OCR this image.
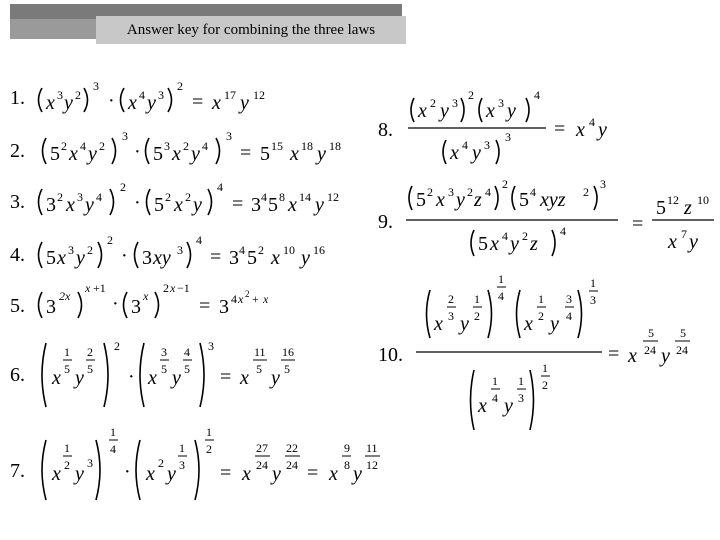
Answer key for combining the three laws
1.
2.
3.
4.
5.
6.
7.
8.
9.
10.
x 3 y 2
3
· x 4 y 3
2
= x 17 y 12
5 2 x 4 y 2
3
· 5 3 x 2 y 4
3
= 5 15 x 18 y 18
3 2 x 3 y 4
2
· 5 2 x 2 y
4
= 3 4 5 8 x 14 y 12
5 x 3 y 2
2
· 3 xy 3
4
= 3 4 5 2 x 10 y 16
3 2x
x +1
· 3 x
2 x −1
= 3 4 x 2 + x
x
1
5 y
2
5
2
· x
3
5 y
4
5
3
= x
11
5 y
16
5
x
1
2 y 3
1
4
· x 2 y
1
3
1
2
= x
27
24 y
22
24 = x
9
8 y
11
12
x 2 y 3
2
x 3 y
4
x 4 y 3
3 = x 4 y
5 2 x 3 y 2 z 4
2
5 4 xyz 2
3
5 x 4 y 2 z
4	=
5 12 z 10
x 7 y
x
2
3 y
1
2
1
4
x
1
2 y
3
4
1
3
x
1
4 y
1
3
1
2
= x
5
24 y
5
24
